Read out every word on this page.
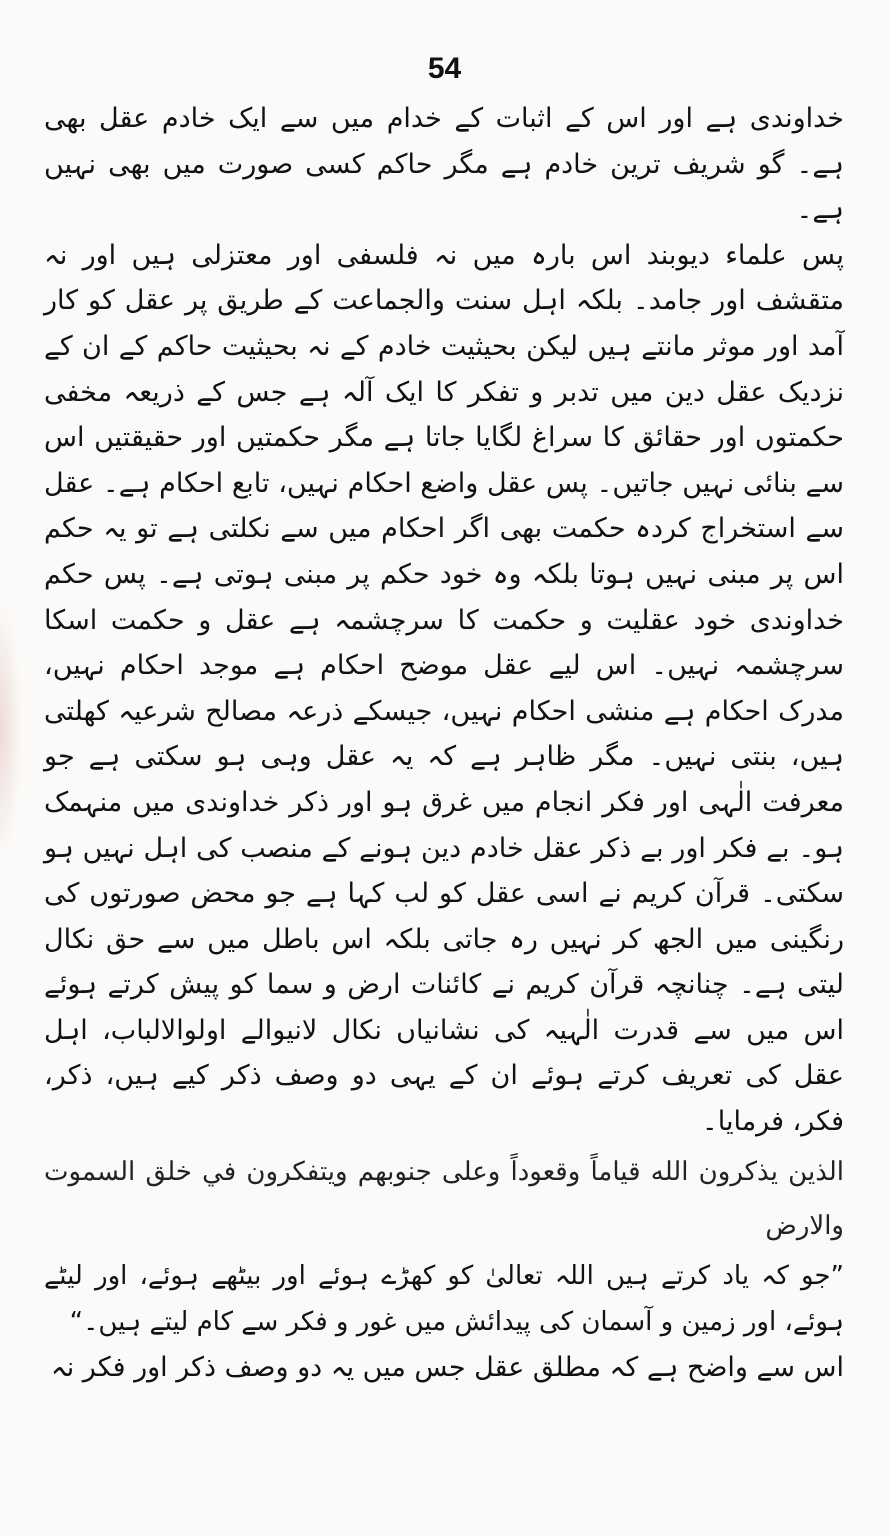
54

خداوندی ہے اور اس کے اثبات کے خدام میں سے ایک خادم عقل بھی ہے۔ گو شریف ترین خادم ہے مگر حاکم کسی صورت میں بھی نہیں ہے۔

پس علماء دیوبند اس بارہ میں نہ فلسفی اور معتزلی ہیں اور نہ متقشف اور جامد۔ بلکہ اہل سنت والجماعت کے طریق پر عقل کو کار آمد اور موثر مانتے ہیں لیکن بحیثیت خادم کے نہ بحیثیت حاکم کے ان کے نزدیک عقل دین میں تدبر و تفکر کا ایک آلہ ہے جس کے ذریعہ مخفی حکمتوں اور حقائق کا سراغ لگایا جاتا ہے مگر حکمتیں اور حقیقتیں اس سے بنائی نہیں جاتیں۔ پس عقل واضع احکام نہیں، تابع احکام ہے۔ عقل سے استخراج کردہ حکمت بھی اگر احکام میں سے نکلتی ہے تو یہ حکم اس پر مبنی نہیں ہوتا بلکہ وہ خود حکم پر مبنی ہوتی ہے۔ پس حکم خداوندی خود عقلیت و حکمت کا سرچشمہ ہے عقل و حکمت اسکا سرچشمہ نہیں۔ اس لیے عقل موضح احکام ہے موجد احکام نہیں، مدرک احکام ہے منشی احکام نہیں، جیسکے ذرعہ مصالح شرعیہ کھلتی ہیں، بنتی نہیں۔ مگر ظاہر ہے کہ یہ عقل وہی ہو سکتی ہے جو معرفت الٰہی اور فکر انجام میں غرق ہو اور ذکر خداوندی میں منہمک ہو۔ بے فکر اور بے ذکر عقل خادم دین ہونے کے منصب کی اہل نہیں ہو سکتی۔ قرآن کریم نے اسی عقل کو لب کہا ہے جو محض صورتوں کی رنگینی میں الجھ کر نہیں رہ جاتی بلکہ اس باطل میں سے حق نکال لیتی ہے۔ چنانچہ قرآن کریم نے کائنات ارض و سما کو پیش کرتے ہوئے اس میں سے قدرت الٰہیہ کی نشانیاں نکال لانیوالے اولوالالباب، اہل عقل کی تعریف کرتے ہوئے ان کے یہی دو وصف ذکر کیے ہیں، ذکر، فکر، فرمایا۔

الذين يذكرون الله قياماً وقعوداً وعلى جنوبهم ويتفكرون في خلق السموت والارض

”جو کہ یاد کرتے ہیں اللہ تعالیٰ کو کھڑے ہوئے اور بیٹھے ہوئے، اور لیٹے ہوئے، اور زمین و آسمان کی پیدائش میں غور و فکر سے کام لیتے ہیں۔“

اس سے واضح ہے کہ مطلق عقل جس میں یہ دو وصف ذکر اور فکر نہ
